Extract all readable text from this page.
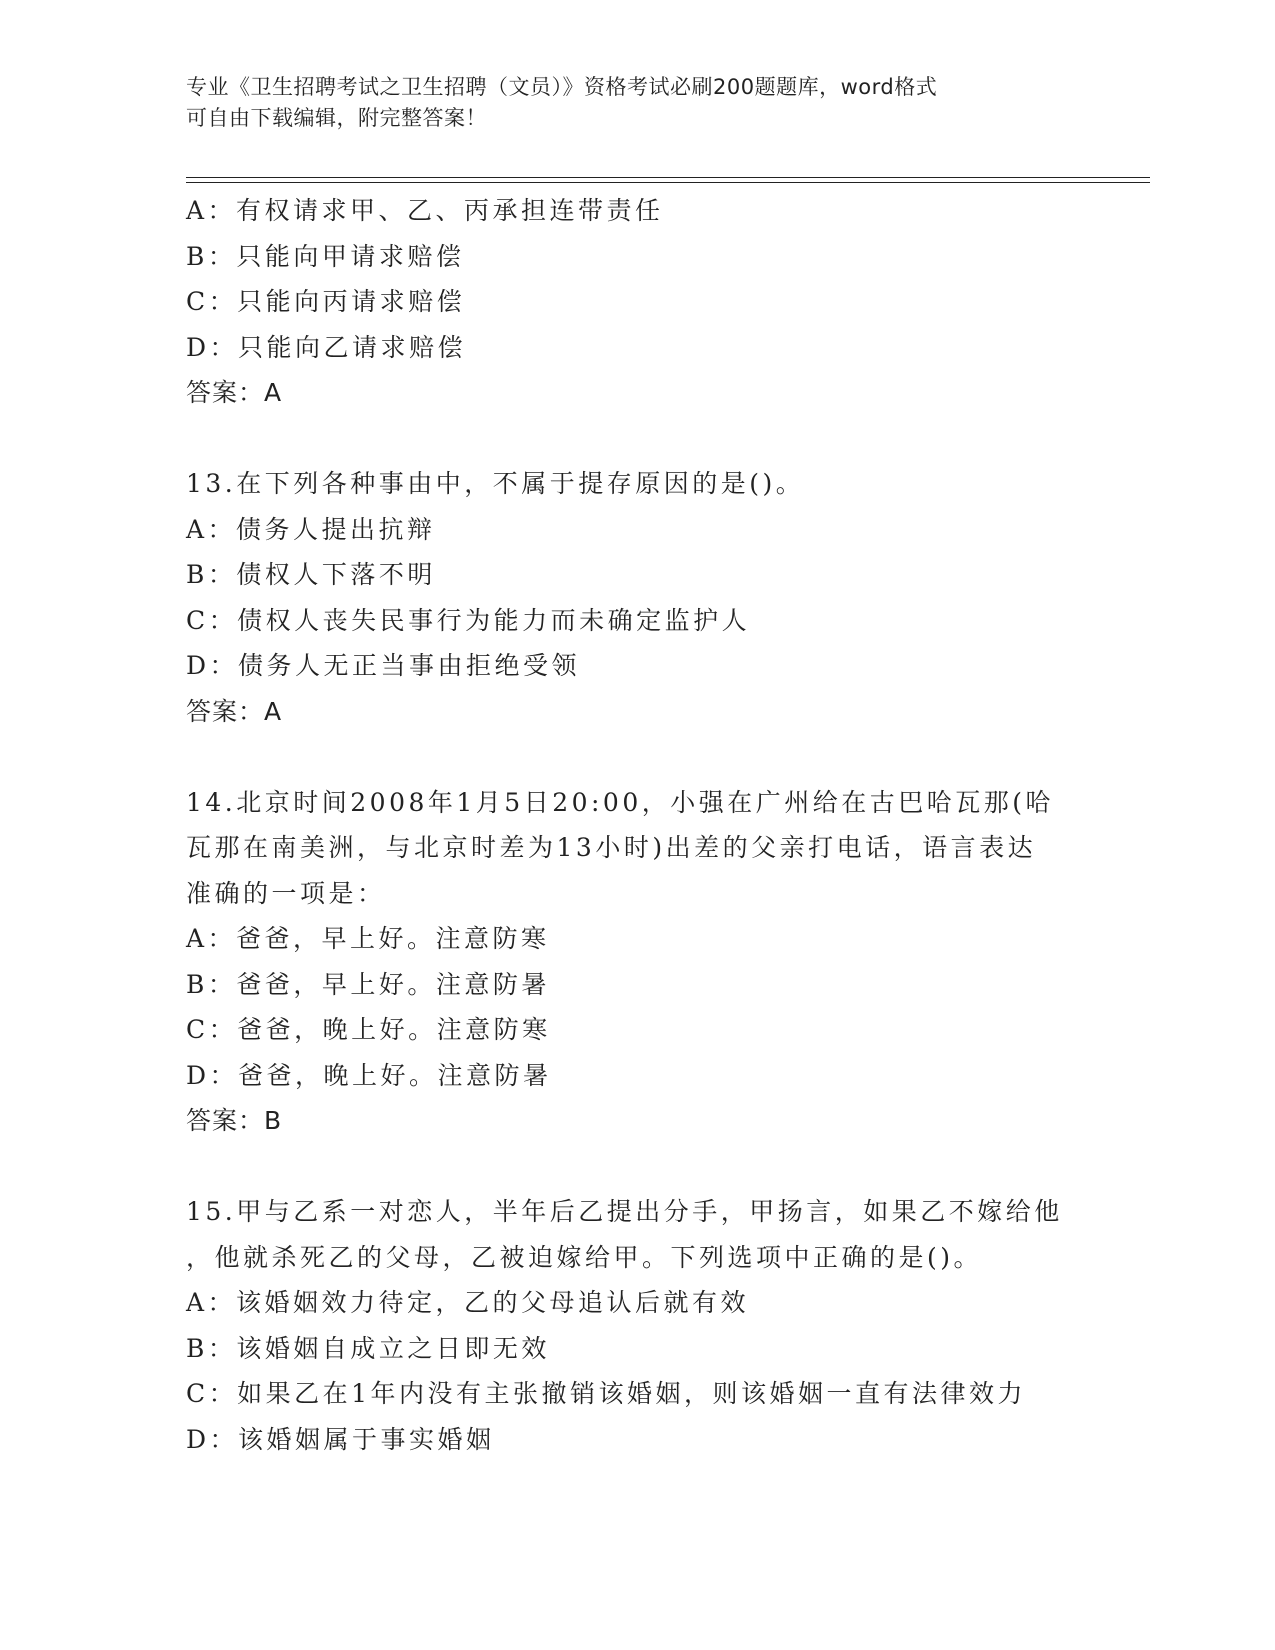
专业《卫生招聘考试之卫生招聘（文员）》资格考试必刷200题题库，word格式
可自由下载编辑，附完整答案！
A：有权请求甲、乙、丙承担连带责任
B：只能向甲请求赔偿
C：只能向丙请求赔偿
D：只能向乙请求赔偿
答案：A
13.在下列各种事由中，不属于提存原因的是()。
A：债务人提出抗辩
B：债权人下落不明
C：债权人丧失民事行为能力而未确定监护人
D：债务人无正当事由拒绝受领
答案：A
14.北京时间2008年1月5日20:00，小强在广州给在古巴哈瓦那(哈
瓦那在南美洲，与北京时差为13小时)出差的父亲打电话，语言表达
准确的一项是：
A：爸爸，早上好。注意防寒
B：爸爸，早上好。注意防暑
C：爸爸，晚上好。注意防寒
D：爸爸，晚上好。注意防暑
答案：B
15.甲与乙系一对恋人，半年后乙提出分手，甲扬言，如果乙不嫁给他
，他就杀死乙的父母，乙被迫嫁给甲。下列选项中正确的是()。
A：该婚姻效力待定，乙的父母追认后就有效
B：该婚姻自成立之日即无效
C：如果乙在1年内没有主张撤销该婚姻，则该婚姻一直有法律效力
D：该婚姻属于事实婚姻
